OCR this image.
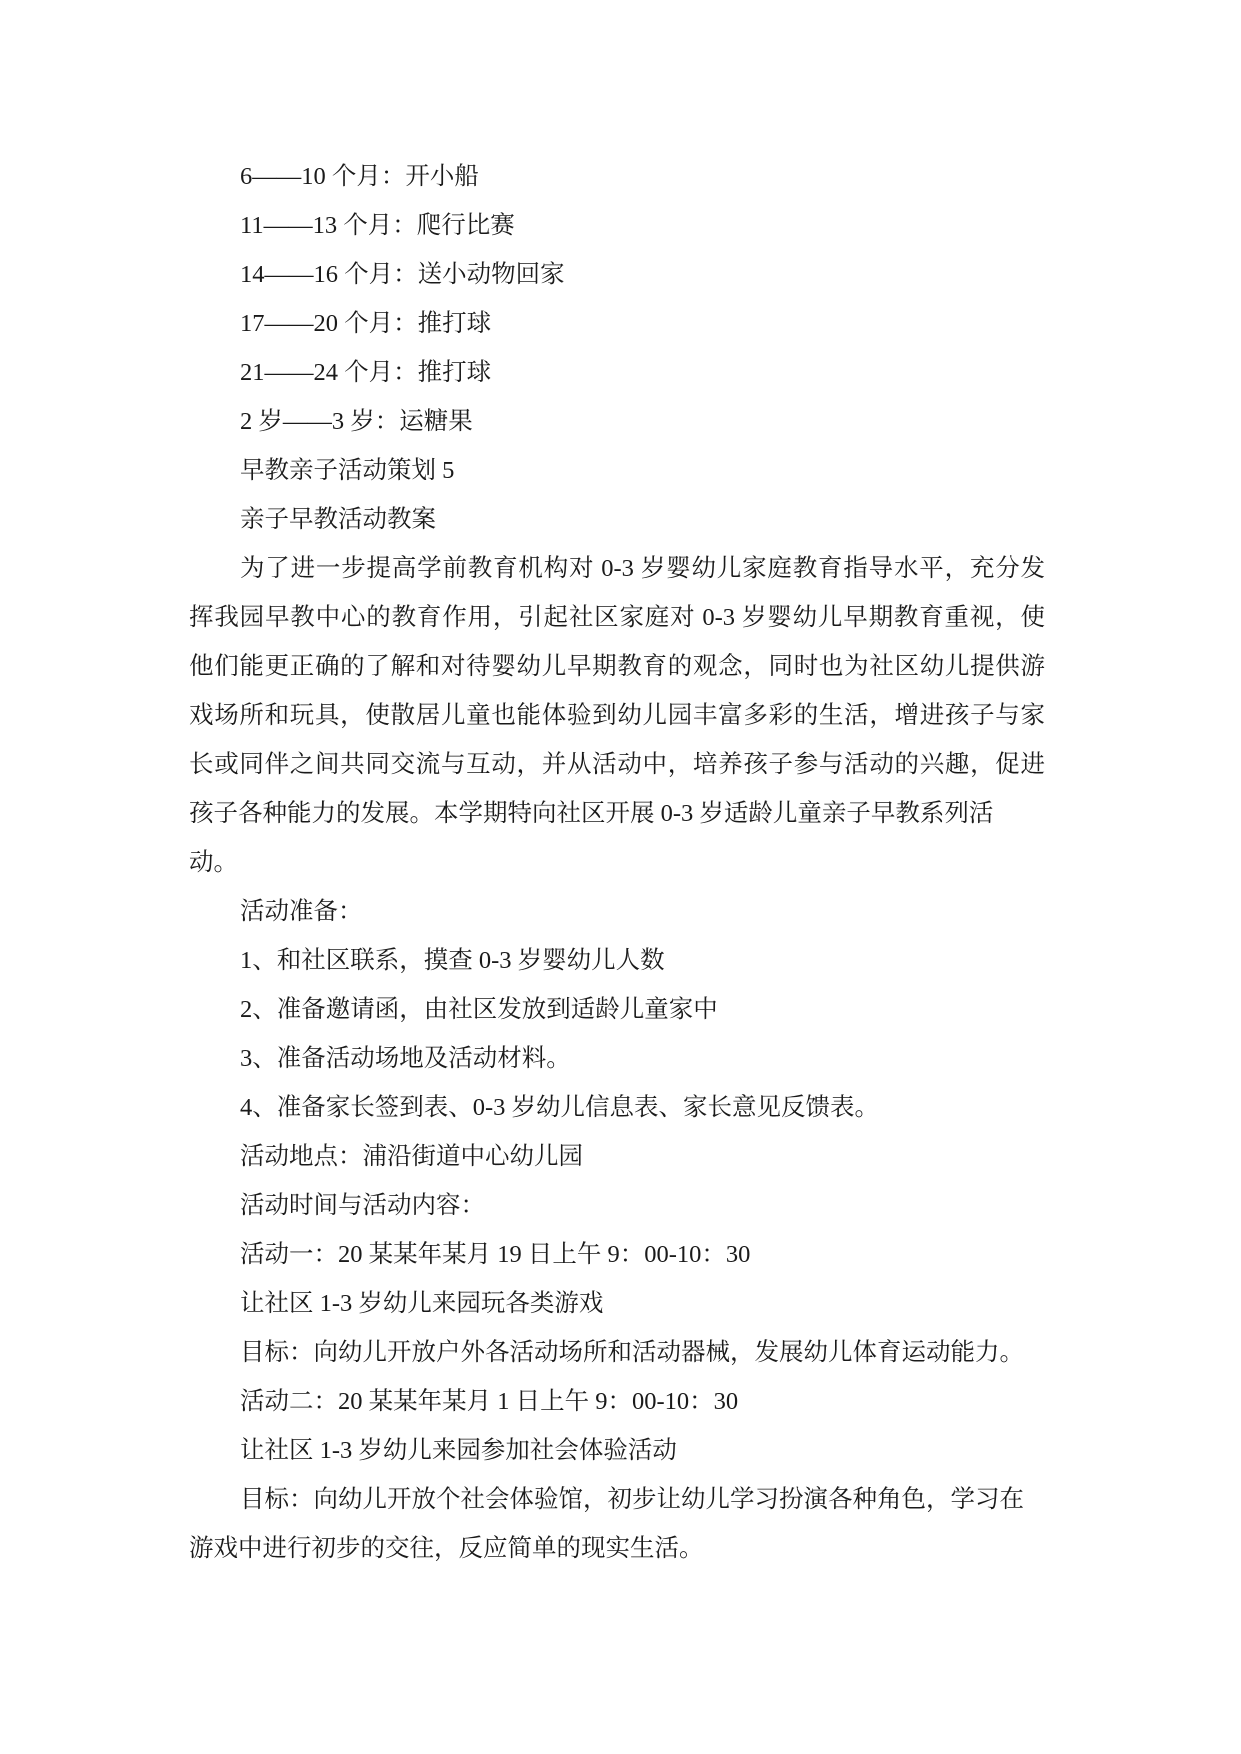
6——10 个月：开小船
11——13 个月：爬行比赛
14——16 个月：送小动物回家
17——20 个月：推打球
21——24 个月：推打球
2 岁——3 岁：运糖果
早教亲子活动策划 5
亲子早教活动教案
为了进一步提高学前教育机构对 0-3 岁婴幼儿家庭教育指导水平，充分发
挥我园早教中心的教育作用，引起社区家庭对 0-3 岁婴幼儿早期教育重视，使
他们能更正确的了解和对待婴幼儿早期教育的观念，同时也为社区幼儿提供游
戏场所和玩具，使散居儿童也能体验到幼儿园丰富多彩的生活，增进孩子与家
长或同伴之间共同交流与互动，并从活动中，培养孩子参与活动的兴趣，促进
孩子各种能力的发展。本学期特向社区开展 0-3 岁适龄儿童亲子早教系列活
动。
活动准备：
1、和社区联系，摸查 0-3 岁婴幼儿人数
2、准备邀请函，由社区发放到适龄儿童家中
3、准备活动场地及活动材料。
4、准备家长签到表、0-3 岁幼儿信息表、家长意见反馈表。
活动地点：浦沿街道中心幼儿园
活动时间与活动内容：
活动一：20 某某年某月 19 日上午 9：00-10：30
让社区 1-3 岁幼儿来园玩各类游戏
目标：向幼儿开放户外各活动场所和活动器械，发展幼儿体育运动能力。
活动二：20 某某年某月 1 日上午 9：00-10：30
让社区 1-3 岁幼儿来园参加社会体验活动
目标：向幼儿开放个社会体验馆，初步让幼儿学习扮演各种角色，学习在
游戏中进行初步的交往，反应简单的现实生活。
